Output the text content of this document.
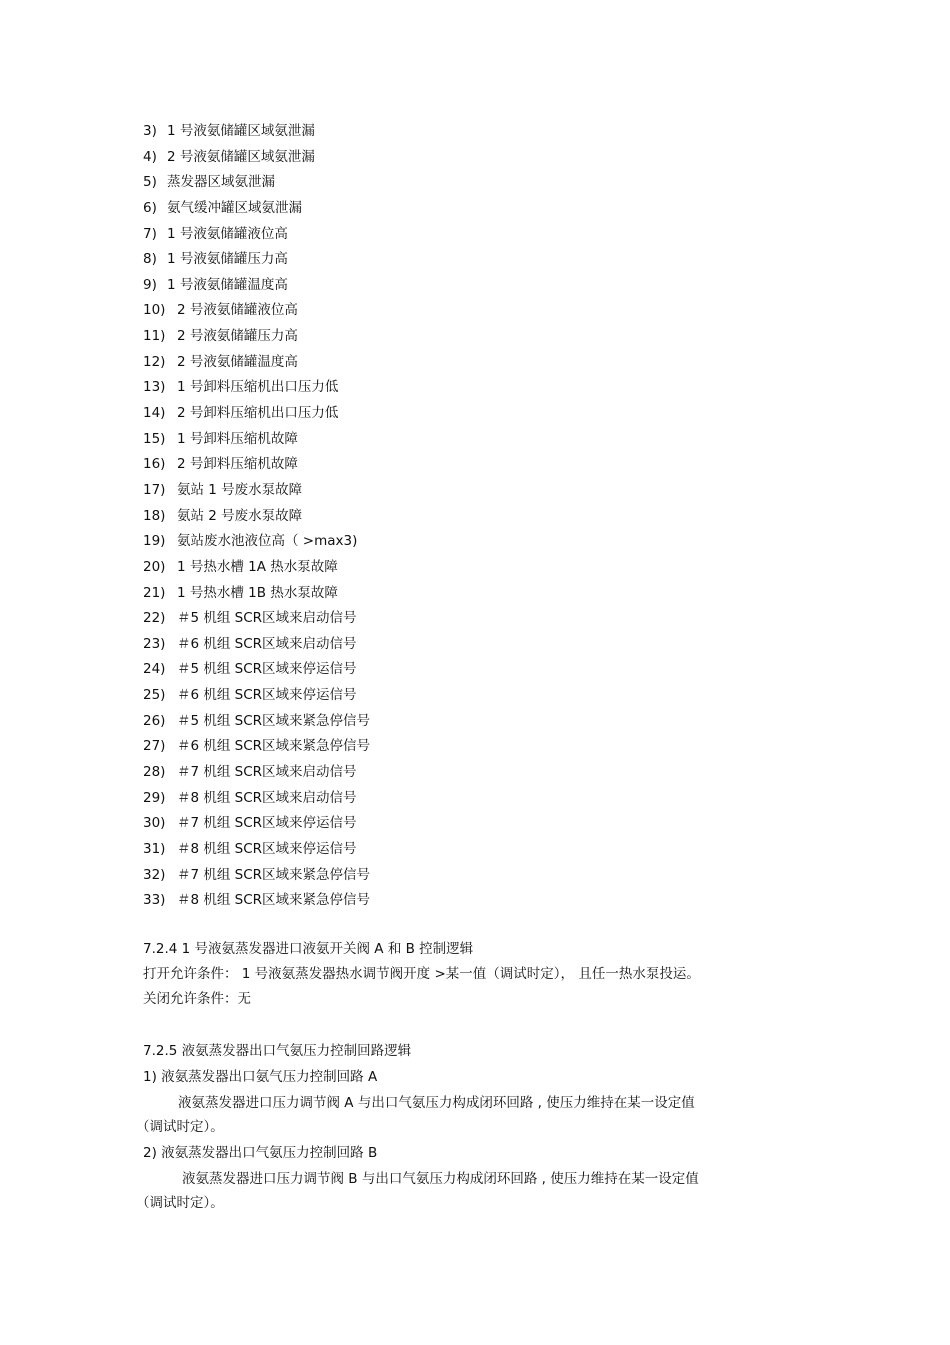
3) 1 号液氨储罐区域氨泄漏
4) 2 号液氨储罐区域氨泄漏
5) 蒸发器区域氨泄漏
6) 氨气缓冲罐区域氨泄漏
7) 1 号液氨储罐液位高
8) 1 号液氨储罐压力高
9) 1 号液氨储罐温度高
10) 2 号液氨储罐液位高
11) 2 号液氨储罐压力高
12) 2 号液氨储罐温度高
13) 1 号卸料压缩机出口压力低
14) 2 号卸料压缩机出口压力低
15) 1 号卸料压缩机故障
16) 2 号卸料压缩机故障
17) 氨站 1 号废水泵故障
18) 氨站 2 号废水泵故障
19) 氨站废水池液位高（ >max3)
20) 1 号热水槽 1A 热水泵故障
21) 1 号热水槽 1B 热水泵故障
22) ＃5 机组 SCR区域来启动信号
23) ＃6 机组 SCR区域来启动信号
24) ＃5 机组 SCR区域来停运信号
25) ＃6 机组 SCR区域来停运信号
26) ＃5 机组 SCR区域来紧急停信号
27) ＃6 机组 SCR区域来紧急停信号
28) ＃7 机组 SCR区域来启动信号
29) ＃8 机组 SCR区域来启动信号
30) ＃7 机组 SCR区域来停运信号
31) ＃8 机组 SCR区域来停运信号
32) ＃7 机组 SCR区域来紧急停信号
33) ＃8 机组 SCR区域来紧急停信号
7.2.4 1 号液氨蒸发器进口液氨开关阀 A 和 B 控制逻辑
打开允许条件： 1 号液氨蒸发器热水调节阀开度 >某一值（调试时定）， 且任一热水泵投运。
关闭允许条件：无
7.2.5 液氨蒸发器出口气氨压力控制回路逻辑
1) 液氨蒸发器出口氨气压力控制回路 A
液氨蒸发器进口压力调节阀 A 与出口气氨压力构成闭环回路 , 使压力维持在某一设定值
（调试时定）。
2) 液氨蒸发器出口气氨压力控制回路 B
液氨蒸发器进口压力调节阀 B 与出口气氨压力构成闭环回路 , 使压力维持在某一设定值
（调试时定）。
